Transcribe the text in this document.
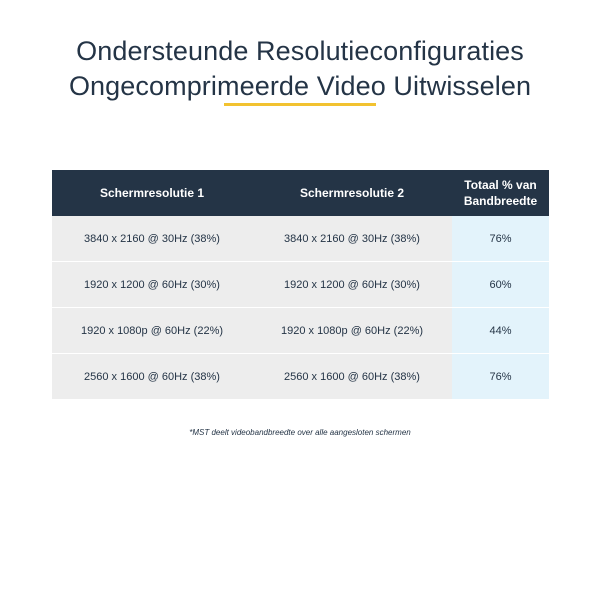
Ondersteunde Resolutieconfiguraties
Ongecomprimeerde Video Uitwisselen
Schermresolutie 1	Schermresolutie 2	Totaal % van Bandbreedte
3840 x 2160 @ 30Hz (38%)	3840 x 2160 @ 30Hz (38%)	76%
1920 x 1200 @ 60Hz (30%)	1920 x 1200 @ 60Hz (30%)	60%
1920 x 1080p @ 60Hz (22%)	1920 x 1080p @ 60Hz (22%)	44%
2560 x 1600 @ 60Hz (38%)	2560 x 1600 @ 60Hz (38%)	76%

*MST deelt videobandbreedte over alle aangesloten schermen
